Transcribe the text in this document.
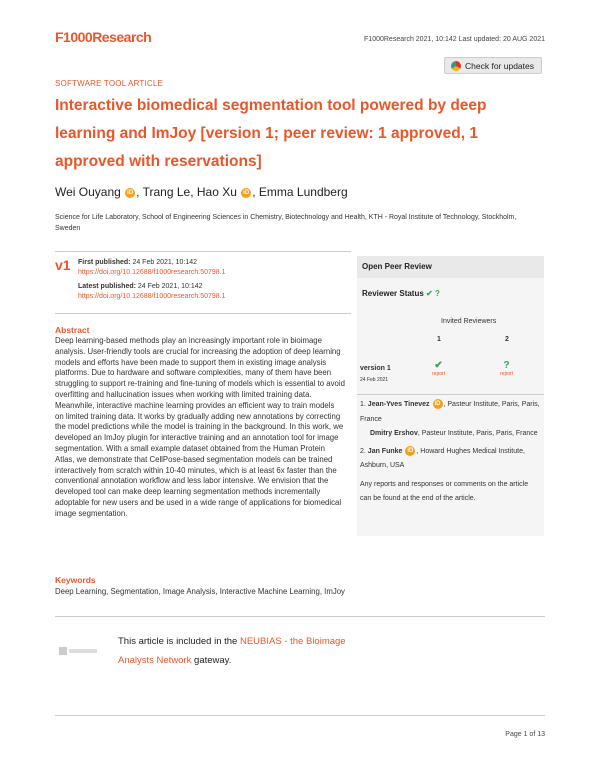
F1000Research	F1000Research 2021, 10:142 Last updated: 20 AUG 2021
Check for updates
SOFTWARE TOOL ARTICLE
Interactive biomedical segmentation tool powered by deep learning and ImJoy [version 1; peer review: 1 approved, 1 approved with reservations]
Wei Ouyang iD , Trang Le, Hao Xu iD , Emma Lundberg
Science for Life Laboratory, School of Engineering Sciences in Chemistry, Biotechnology and Health, KTH - Royal Institute of Technology, Stockholm, Sweden
v1 First published: 24 Feb 2021, 10:142
https://doi.org/10.12688/f1000research.50798.1
Latest published: 24 Feb 2021, 10:142
https://doi.org/10.12688/f1000research.50798.1
Abstract
Deep learning-based methods play an increasingly important role in bioimage analysis. User-friendly tools are crucial for increasing the adoption of deep learning models and efforts have been made to support them in existing image analysis platforms. Due to hardware and software complexities, many of them have been struggling to support re-training and fine-tuning of models which is essential to avoid overfitting and hallucination issues when working with limited training data. Meanwhile, interactive machine learning provides an efficient way to train models on limited training data. It works by gradually adding new annotations by correcting the model predictions while the model is training in the background. In this work, we developed an ImJoy plugin for interactive training and an annotation tool for image segmentation. With a small example dataset obtained from the Human Protein Atlas, we demonstrate that CellPose-based segmentation models can be trained interactively from scratch within 10-40 minutes, which is at least 6x faster than the conventional annotation workflow and less labor intensive. We envision that the developed tool can make deep learning segmentation methods incrementally adoptable for new users and be used in a wide range of applications for biomedical image segmentation.
Keywords
Deep Learning, Segmentation, Image Analysis, Interactive Machine Learning, ImJoy
This article is included in the NEUBIAS - the Bioimage Analysts Network gateway.
Open Peer Review
Reviewer Status ✔ ?
Invited Reviewers
1	2
version 1
24 Feb 2021
✔
report
?
report
1. Jean-Yves Tinevez iD , Pasteur Institute, Paris, Paris, France
Dmitry Ershov, Pasteur Institute, Paris, Paris, France
2. Jan Funke iD , Howard Hughes Medical Institute, Ashburn, USA
Any reports and responses or comments on the article can be found at the end of the article.
Page 1 of 13
